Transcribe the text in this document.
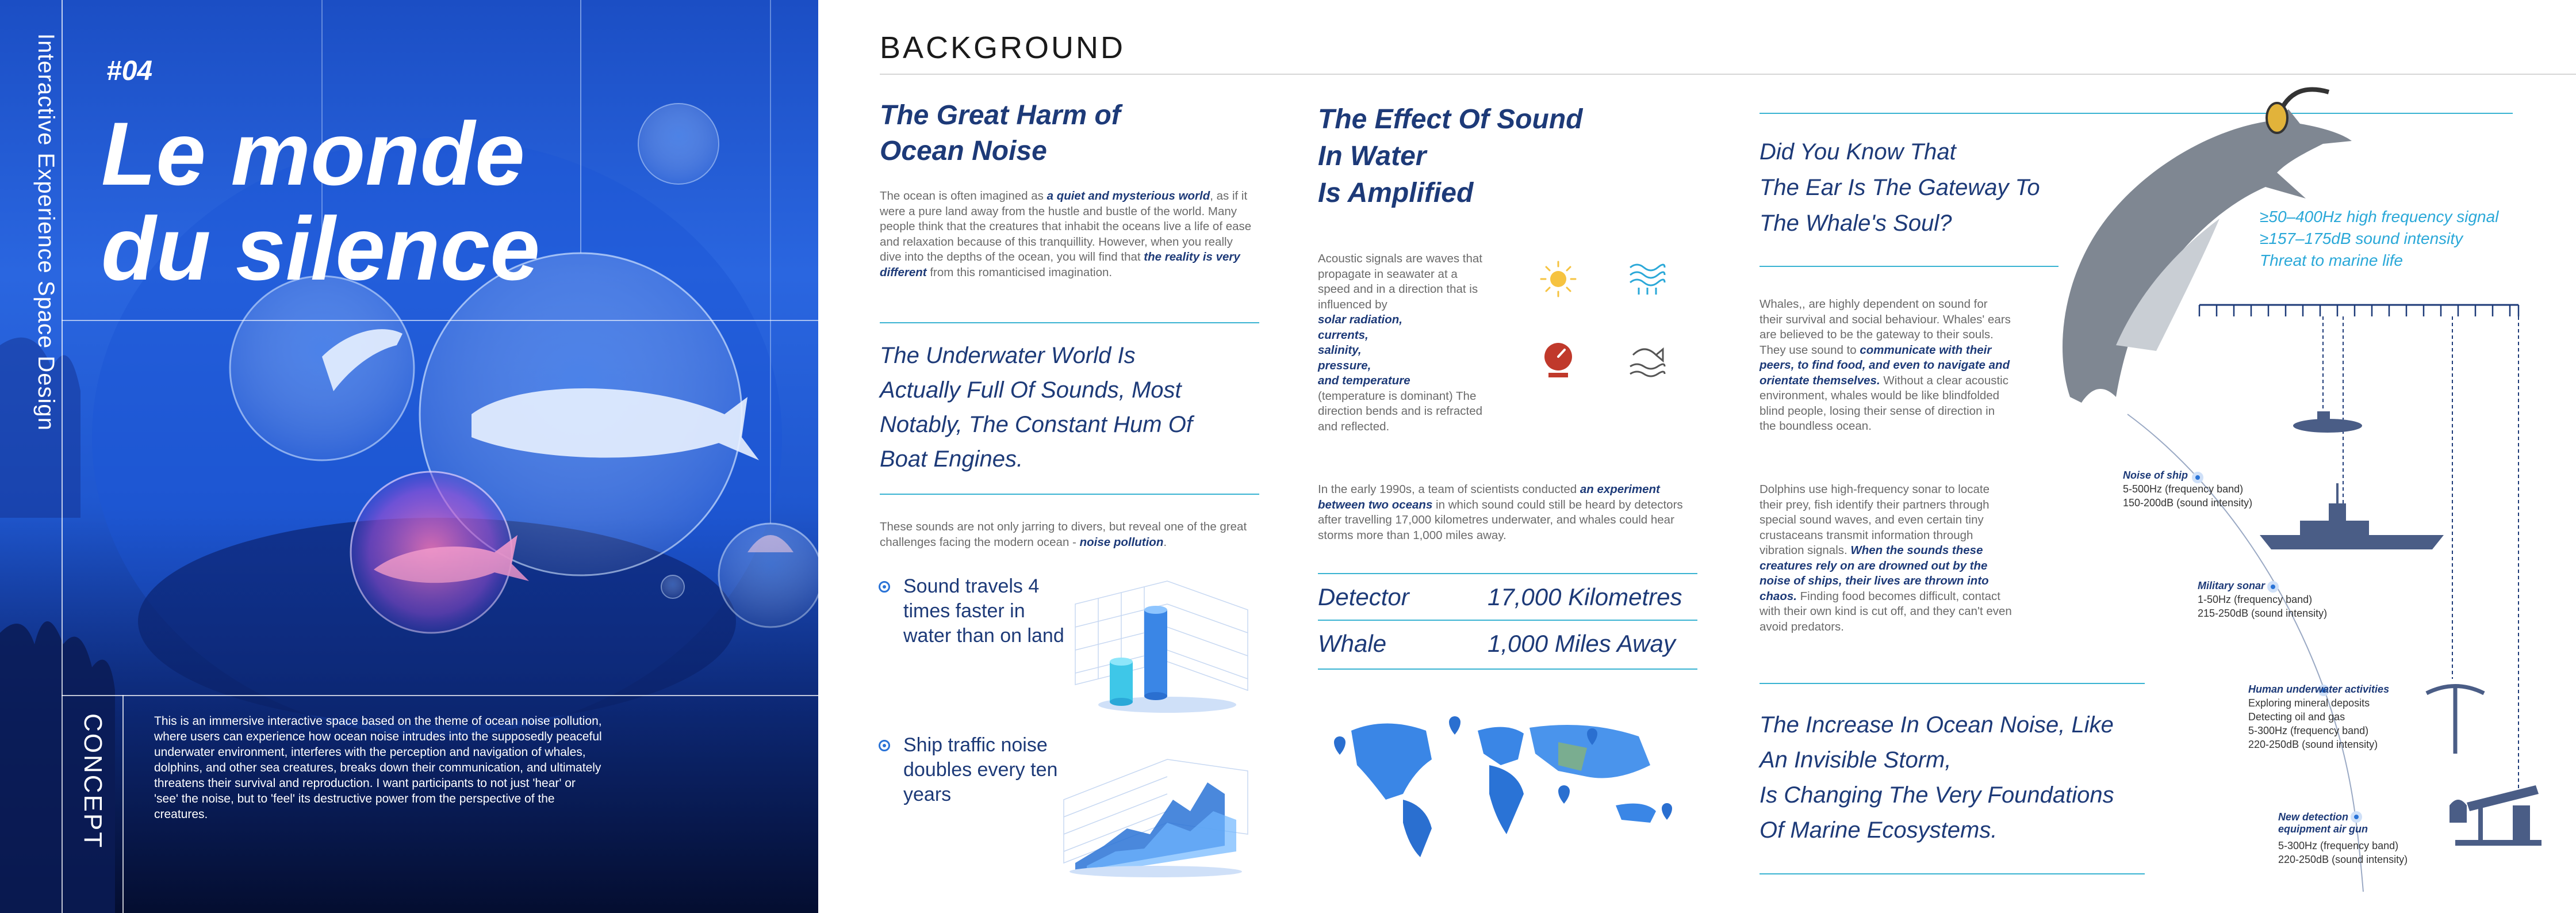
Interactive Experience Space Design #04
Le monde
du silence
CONCEPT	This is an immersive interactive space based on the theme of ocean noise pollution, where users can experience how ocean noise intrudes into the supposedly peaceful underwater environment, interferes with the perception and navigation of whales, dolphins, and other sea creatures, breaks down their communication, and ultimately threatens their survival and reproduction. I want participants to not just 'hear' or 'see' the noise, but to 'feel' its destructive power from the perspective of the creatures.
BACKGROUND
The Great Harm of
Ocean Noise
The ocean is often imagined as a quiet and mysterious world, as if it were a pure land away from the hustle and bustle of the world. Many people think that the creatures that inhabit the oceans live a life of ease and relaxation because of this tranquillity. However, when you really dive into the depths of the ocean, you will find that the reality is very different from this romanticised imagination.
The Underwater World Is
Actually Full Of Sounds, Most
Notably, The Constant Hum Of
Boat Engines.
These sounds are not only jarring to divers, but reveal one of the great challenges facing the modern ocean - noise pollution.
Sound travels 4
times faster in
water than on land
Ship traffic noise
doubles every ten
years
The Effect Of Sound
In Water
Is Amplified
Acoustic signals are waves that propagate in seawater at a speed and in a direction that is influenced by
solar radiation,
currents,
salinity,
pressure,
and temperature
(temperature is dominant) The direction bends and is refracted and reflected.
In the early 1990s, a team of scientists conducted an experiment between two oceans in which sound could still be heard by detectors after travelling 17,000 kilometres underwater, and whales could hear storms more than 1,000 miles away.
Detector	17,000 Kilometres
Whale	1,000 Miles Away
Did You Know That
The Ear Is The Gateway To
The Whale's Soul?
Whales,, are highly dependent on sound for their survival and social behaviour. Whales' ears are believed to be the gateway to their souls. They use sound to communicate with their peers, to find food, and even to navigate and orientate themselves. Without a clear acoustic environment, whales would be like blindfolded blind people, losing their sense of direction in the boundless ocean.
Dolphins use high-frequency sonar to locate their prey, fish identify their partners through special sound waves, and even certain tiny crustaceans transmit information through vibration signals. When the sounds these creatures rely on are drowned out by the noise of ships, their lives are thrown into chaos. Finding food becomes difficult, contact with their own kind is cut off, and they can't even avoid predators.
The Increase In Ocean Noise, Like
An Invisible Storm,
Is Changing The Very Foundations
Of Marine Ecosystems.
≥50–400Hz high frequency signal
≥157–175dB sound intensity
Threat to marine life
Noise of ship
5-500Hz (frequency band)
150-200dB (sound intensity)
Military sonar
1-50Hz (frequency band)
215-250dB (sound intensity)
Human underwater activities
Exploring mineral deposits
Detecting oil and gas
5-300Hz (frequency band)
220-250dB (sound intensity)
New detection
equipment air gun
5-300Hz (frequency band)
220-250dB (sound intensity)
